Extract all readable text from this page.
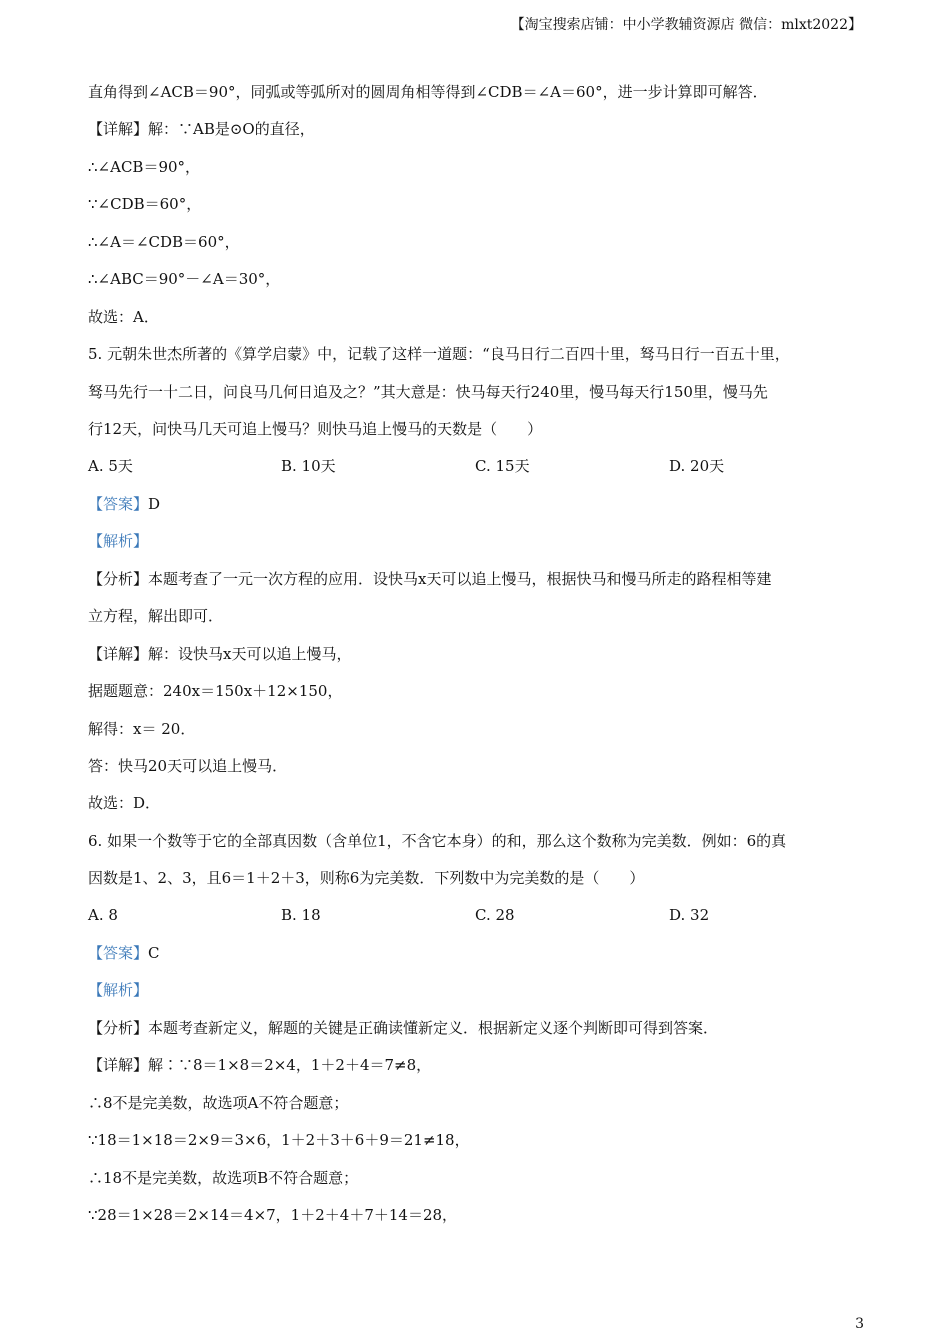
【淘宝搜索店铺：中小学教辅资源店 微信：mlxt2022】
直角得到∠ACB＝90°，同弧或等弧所对的圆周角相等得到∠CDB＝∠A＝60°，进一步计算即可解答．
【详解】解：∵AB是⊙O的直径，
∴∠ACB＝90°，
∵∠CDB＝60°，
∴∠A＝∠CDB＝60°，
∴∠ABC＝90°－∠A＝30°，
故选：A．
5. 元朝朱世杰所著的《算学启蒙》中，记载了这样一道题：“良马日行二百四十里，驽马日行一百五十里，
驽马先行一十二日，问良马几何日追及之？”其大意是：快马每天行240里，慢马每天行150里，慢马先
行12天，问快马几天可追上慢马？则快马追上慢马的天数是（　　）
A. 5天	B. 10天	C. 15天	D. 20天
【答案】D
【解析】
【分析】本题考查了一元一次方程的应用．设快马x天可以追上慢马，根据快马和慢马所走的路程相等建
立方程，解出即可．
【详解】解：设快马x天可以追上慢马，
据题题意：240x＝150x＋12×150，
解得：x＝ 20．
答：快马20天可以追上慢马．
故选：D．
6. 如果一个数等于它的全部真因数（含单位1，不含它本身）的和，那么这个数称为完美数．例如：6的真
因数是1、2、3，且6＝1＋2＋3，则称6为完美数．下列数中为完美数的是（　　）
A. 8	B. 18	C. 28	D. 32
【答案】C
【解析】
【分析】本题考查新定义，解题的关键是正确读懂新定义．根据新定义逐个判断即可得到答案．
【详解】解∶∵8＝1×8＝2×4，1＋2＋4＝7≠8，
∴8不是完美数，故选项A不符合题意；
∵18＝1×18＝2×9＝3×6，1＋2＋3＋6＋9＝21≠18，
∴18不是完美数，故选项B不符合题意；
∵28＝1×28＝2×14＝4×7，1＋2＋4＋7＋14＝28，
3
